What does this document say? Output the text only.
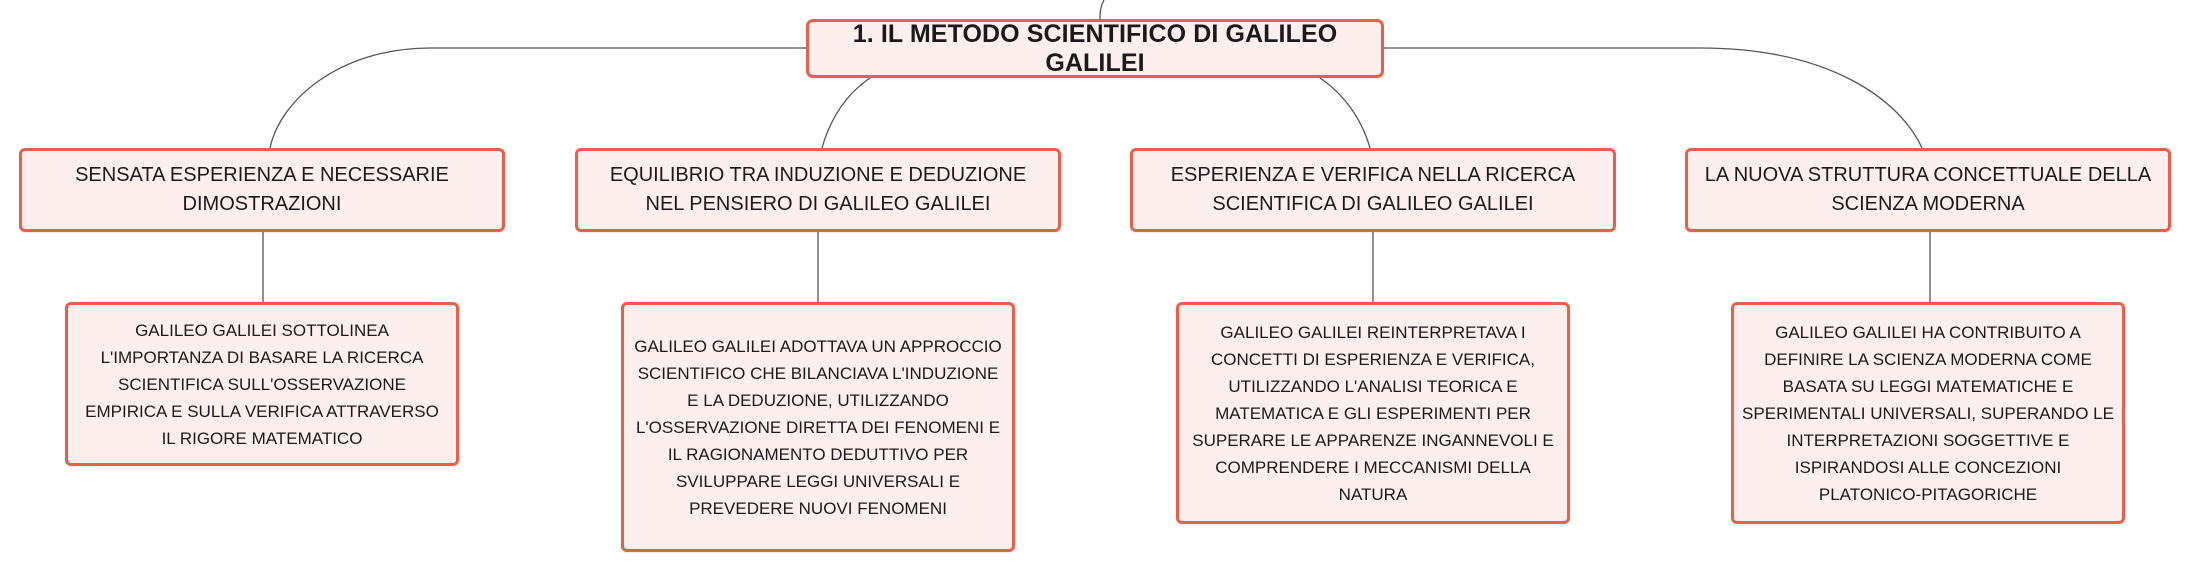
1. IL METODO SCIENTIFICO DI GALILEO GALILEI
SENSATA ESPERIENZA E NECESSARIE DIMOSTRAZIONI
EQUILIBRIO TRA INDUZIONE E DEDUZIONE NEL PENSIERO DI GALILEO GALILEI
ESPERIENZA E VERIFICA NELLA RICERCA SCIENTIFICA DI GALILEO GALILEI
LA NUOVA STRUTTURA CONCETTUALE DELLA SCIENZA MODERNA
GALILEO GALILEI SOTTOLINEA L'IMPORTANZA DI BASARE LA RICERCA SCIENTIFICA SULL'OSSERVAZIONE EMPIRICA E SULLA VERIFICA ATTRAVERSO IL RIGORE MATEMATICO
GALILEO GALILEI ADOTTAVA UN APPROCCIO SCIENTIFICO CHE BILANCIAVA L'INDUZIONE E LA DEDUZIONE, UTILIZZANDO L'OSSERVAZIONE DIRETTA DEI FENOMENI E IL RAGIONAMENTO DEDUTTIVO PER SVILUPPARE LEGGI UNIVERSALI E PREVEDERE NUOVI FENOMENI
GALILEO GALILEI REINTERPRETAVA I CONCETTI DI ESPERIENZA E VERIFICA, UTILIZZANDO L'ANALISI TEORICA E MATEMATICA E GLI ESPERIMENTI PER SUPERARE LE APPARENZE INGANNEVOLI E COMPRENDERE I MECCANISMI DELLA NATURA
GALILEO GALILEI HA CONTRIBUITO A DEFINIRE LA SCIENZA MODERNA COME BASATA SU LEGGI MATEMATICHE E SPERIMENTALI UNIVERSALI, SUPERANDO LE INTERPRETAZIONI SOGGETTIVE E ISPIRANDOSI ALLE CONCEZIONI PLATONICO-PITAGORICHE
